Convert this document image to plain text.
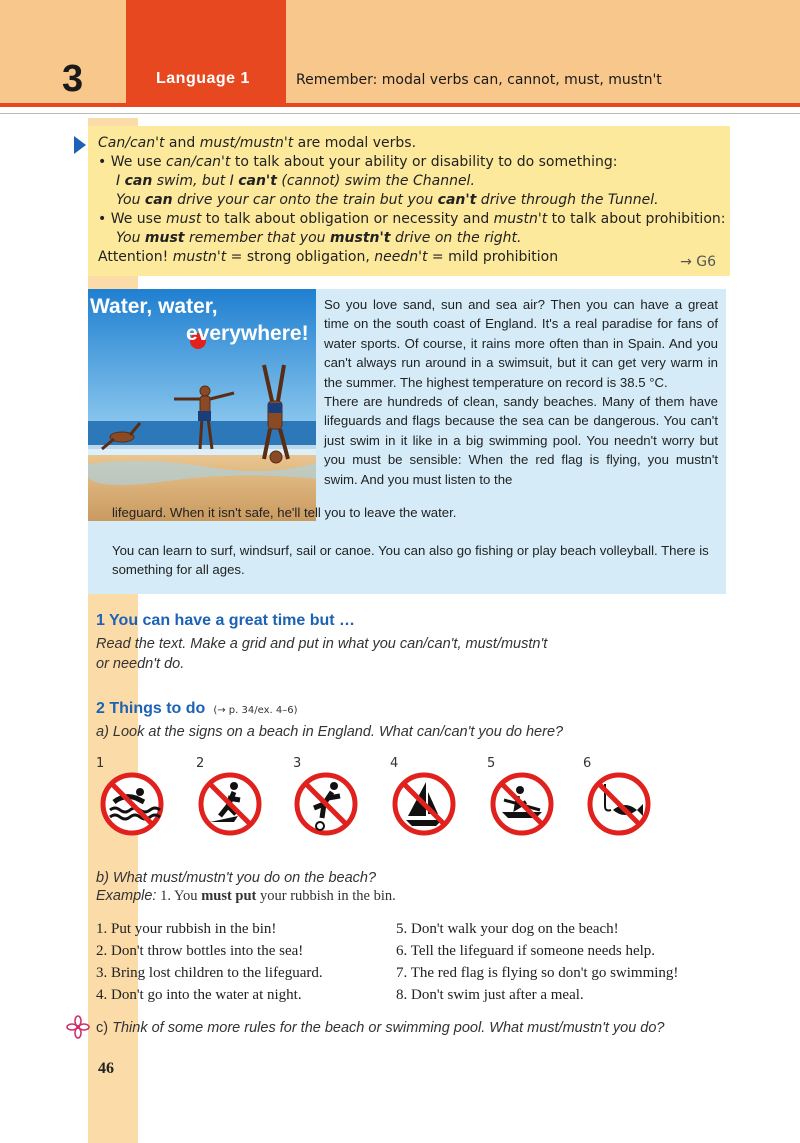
3	Language 1	Remember: modal verbs can, cannot, must, mustn't
Can/can't and must/mustn't are modal verbs.
• We use can/can't to talk about your ability or disability to do something:
I can swim, but I can't (cannot) swim the Channel.
You can drive your car onto the train but you can't drive through the Tunnel.
• We use must to talk about obligation or necessity and mustn't to talk about prohibition:
You must remember that you mustn't drive on the right.
Attention! mustn't = strong obligation, needn't = mild prohibition	→ G6
Water, water,
everywhere!

So you love sand, sun and sea air? Then you can have a great time on the south coast of England. It's a real paradise for fans of water sports. Of course, it rains more often than in Spain. And you can't always run around in a swimsuit, but it can get very warm in the summer. The highest temperature on record is 38.5 °C.

There are hundreds of clean, sandy beaches. Many of them have lifeguards and flags because the sea can be dangerous. You can't just swim in it like in a big swimming pool. You needn't worry but you must be sensible: When the red flag is flying, you mustn't swim. And you must listen to the

lifeguard. When it isn't safe, he'll tell you to leave the water.
You can learn to surf, windsurf, sail or canoe. You can also go fishing or play beach volleyball. There is something for all ages.
1 You can have a great time but …
Read the text. Make a grid and put in what you can/can't, must/mustn't
or needn't do.
2 Things to do (→ p. 34/ex. 4–6)
a) Look at the signs on a beach in England. What can/can't you do here?
1	2	3	4	5	6
b) What must/mustn't you do on the beach?
Example: 1. You must put your rubbish in the bin.
1. Put your rubbish in the bin!
2. Don't throw bottles into the sea!
3. Bring lost children to the lifeguard.
4. Don't go into the water at night.
5. Don't walk your dog on the beach!
6. Tell the lifeguard if someone needs help.
7. The red flag is flying so don't go swimming!
8. Don't swim just after a meal.
c) Think of some more rules for the beach or swimming pool. What must/mustn't you do?
46
